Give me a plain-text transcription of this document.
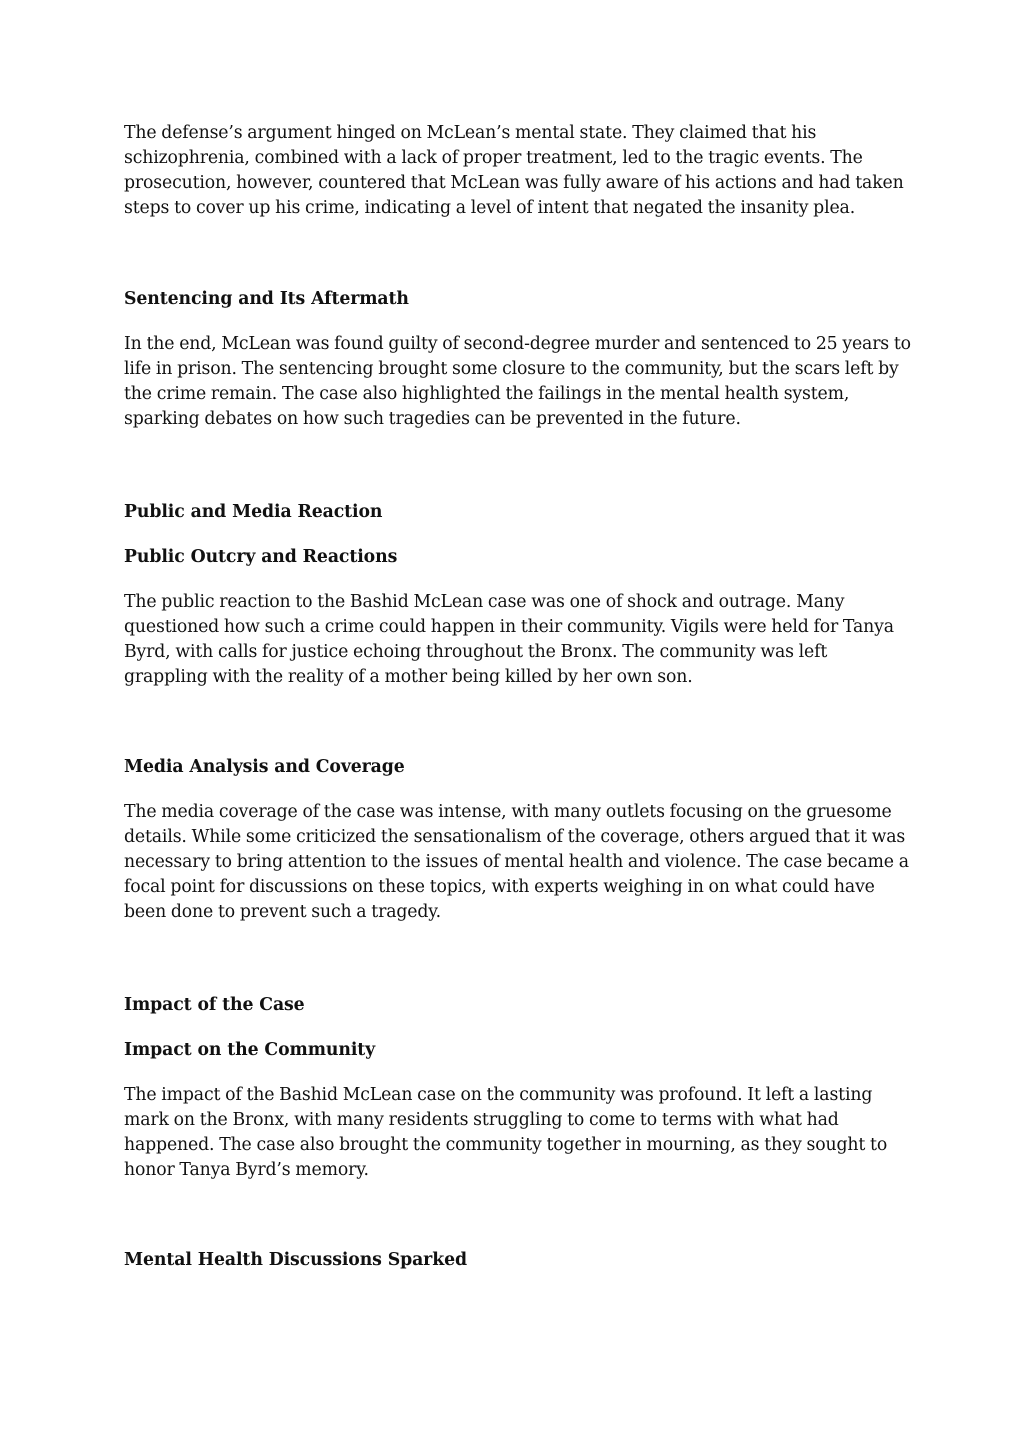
The defense’s argument hinged on McLean’s mental state. They claimed that his schizophrenia, combined with a lack of proper treatment, led to the tragic events. The prosecution, however, countered that McLean was fully aware of his actions and had taken steps to cover up his crime, indicating a level of intent that negated the insanity plea.

Sentencing and Its Aftermath

In the end, McLean was found guilty of second-degree murder and sentenced to 25 years to life in prison. The sentencing brought some closure to the community, but the scars left by the crime remain. The case also highlighted the failings in the mental health system, sparking debates on how such tragedies can be prevented in the future.

Public and Media Reaction
Public Outcry and Reactions

The public reaction to the Bashid McLean case was one of shock and outrage. Many questioned how such a crime could happen in their community. Vigils were held for Tanya Byrd, with calls for justice echoing throughout the Bronx. The community was left grappling with the reality of a mother being killed by her own son.

Media Analysis and Coverage

The media coverage of the case was intense, with many outlets focusing on the gruesome details. While some criticized the sensationalism of the coverage, others argued that it was necessary to bring attention to the issues of mental health and violence. The case became a focal point for discussions on these topics, with experts weighing in on what could have been done to prevent such a tragedy.

Impact of the Case
Impact on the Community

The impact of the Bashid McLean case on the community was profound. It left a lasting mark on the Bronx, with many residents struggling to come to terms with what had happened. The case also brought the community together in mourning, as they sought to honor Tanya Byrd’s memory.

Mental Health Discussions Sparked
